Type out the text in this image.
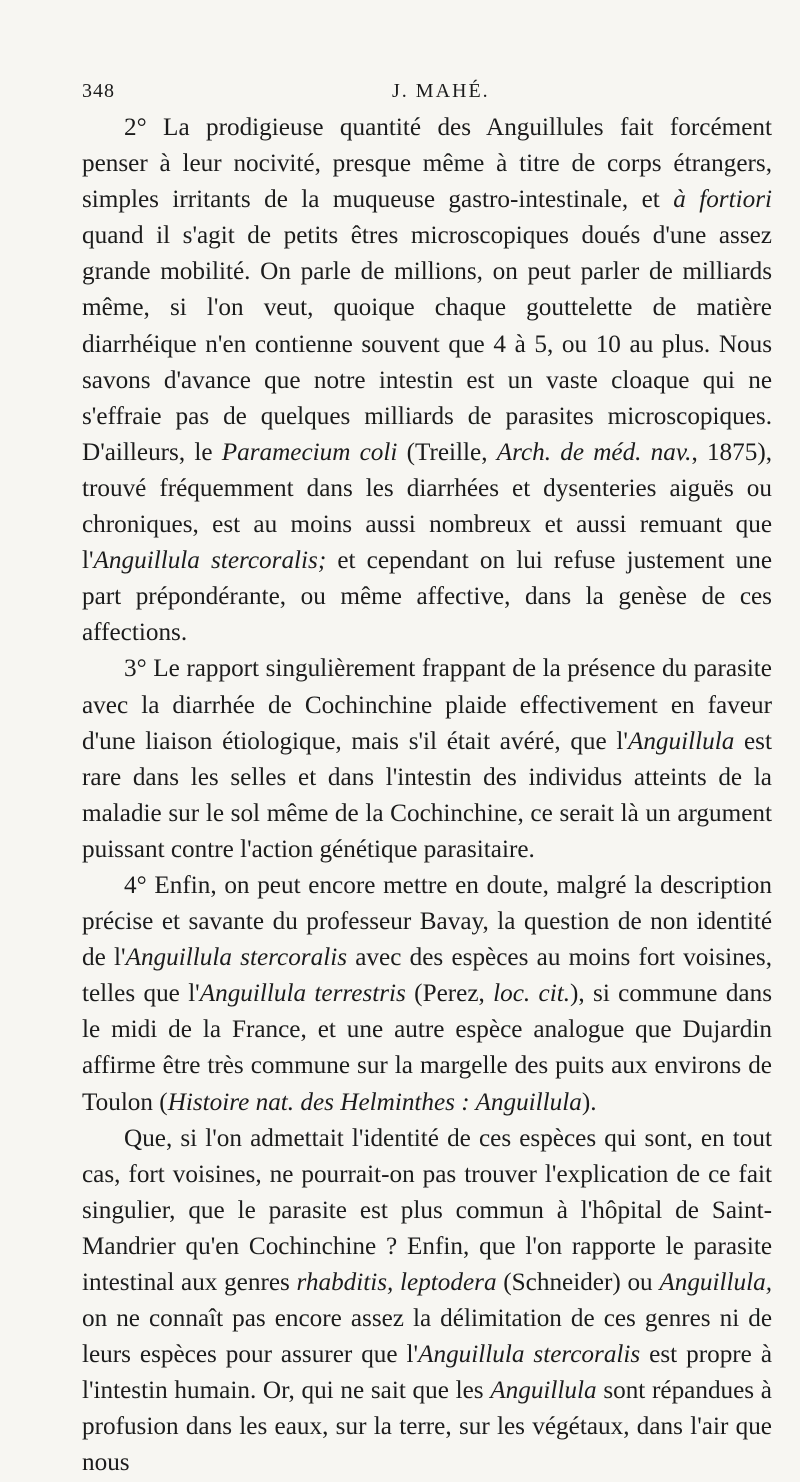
348	J. MAHÉ.

2° La prodigieuse quantité des Anguillules fait forcément penser à leur nocivité, presque même à titre de corps étrangers, simples irritants de la muqueuse gastro-intestinale, et à fortiori quand il s'agit de petits êtres microscopiques doués d'une assez grande mobilité. On parle de millions, on peut parler de milliards même, si l'on veut, quoique chaque gouttelette de matière diarrhéique n'en contienne souvent que 4 à 5, ou 10 au plus. Nous savons d'avance que notre intestin est un vaste cloaque qui ne s'effraie pas de quelques milliards de parasites microscopiques. D'ailleurs, le Paramecium coli (Treille, Arch. de méd. nav., 1875), trouvé fréquemment dans les diarrhées et dysenteries aiguës ou chroniques, est au moins aussi nombreux et aussi remuant que l'Anguillula stercoralis; et cependant on lui refuse justement une part prépondérante, ou même affective, dans la genèse de ces affections.

3° Le rapport singulièrement frappant de la présence du parasite avec la diarrhée de Cochinchine plaide effectivement en faveur d'une liaison étiologique, mais s'il était avéré, que l'Anguillula est rare dans les selles et dans l'intestin des individus atteints de la maladie sur le sol même de la Cochinchine, ce serait là un argument puissant contre l'action génétique parasitaire.

4° Enfin, on peut encore mettre en doute, malgré la description précise et savante du professeur Bavay, la question de non identité de l'Anguillula stercoralis avec des espèces au moins fort voisines, telles que l'Anguillula terrestris (Perez, loc. cit.), si commune dans le midi de la France, et une autre espèce analogue que Dujardin affirme être très commune sur la margelle des puits aux environs de Toulon (Histoire nat. des Helminthes : Anguillula).

Que, si l'on admettait l'identité de ces espèces qui sont, en tout cas, fort voisines, ne pourrait-on pas trouver l'explication de ce fait singulier, que le parasite est plus commun à l'hôpital de Saint-Mandrier qu'en Cochinchine ? Enfin, que l'on rapporte le parasite intestinal aux genres rhabditis, leptodera (Schneider) ou Anguillula, on ne connaît pas encore assez la délimitation de ces genres ni de leurs espèces pour assurer que l'Anguillula stercoralis est propre à l'intestin humain. Or, qui ne sait que les Anguillula sont répandues à profusion dans les eaux, sur la terre, sur les végétaux, dans l'air que nous
